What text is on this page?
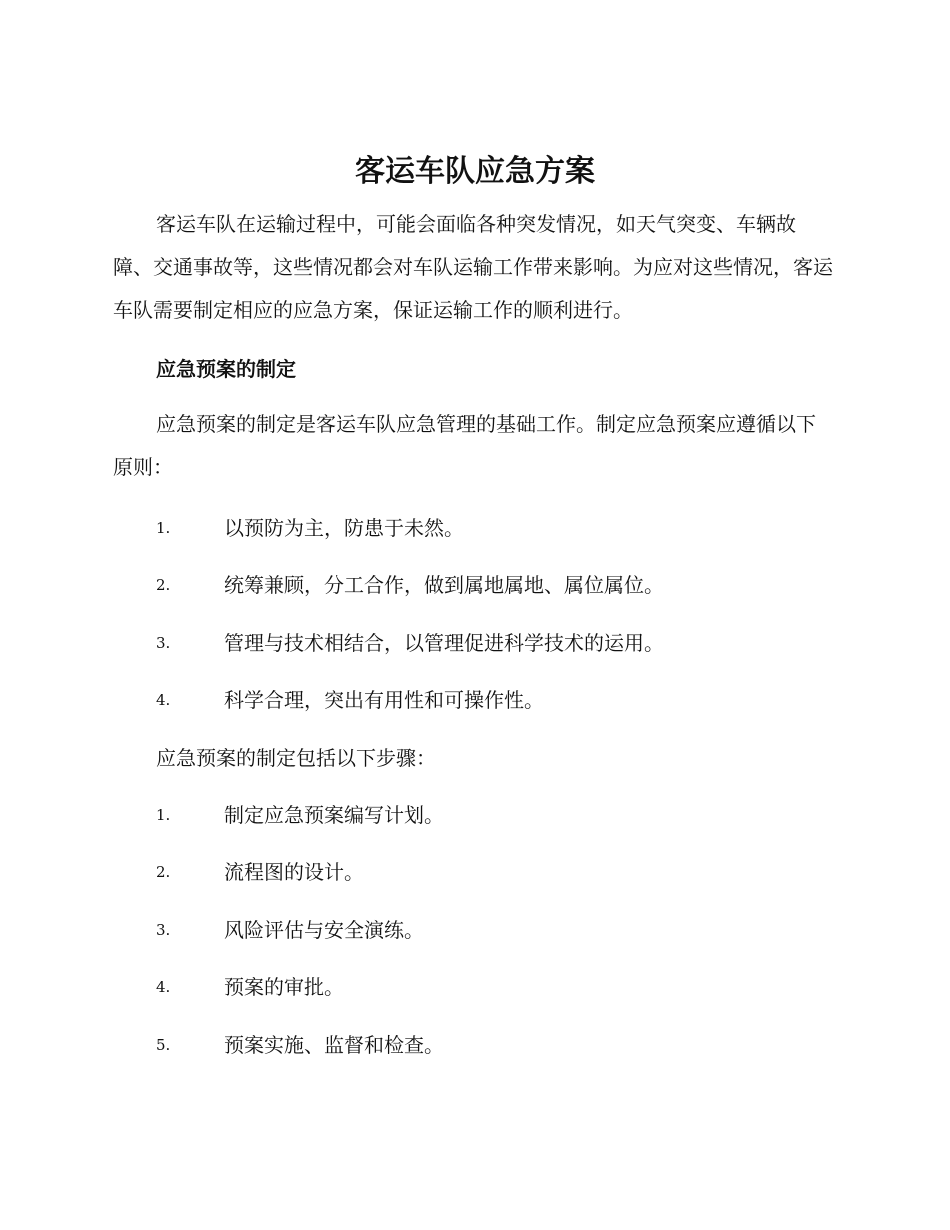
客运车队应急方案

客运车队在运输过程中，可能会面临各种突发情况，如天气突变、车辆故障、交通事故等，这些情况都会对车队运输工作带来影响。为应对这些情况，客运车队需要制定相应的应急方案，保证运输工作的顺利进行。

应急预案的制定

应急预案的制定是客运车队应急管理的基础工作。制定应急预案应遵循以下原则：

1.	以预防为主，防患于未然。
2.	统筹兼顾，分工合作，做到属地属地、属位属位。
3.	管理与技术相结合，以管理促进科学技术的运用。
4.	科学合理，突出有用性和可操作性。

应急预案的制定包括以下步骤：

1.	制定应急预案编写计划。
2.	流程图的设计。
3.	风险评估与安全演练。
4.	预案的审批。
5.	预案实施、监督和检查。
